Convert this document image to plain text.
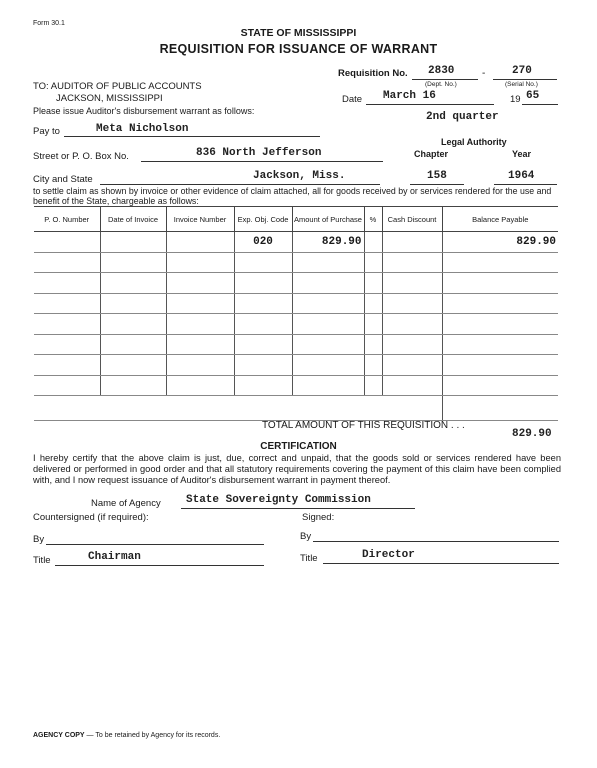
Form 30.1
STATE OF MISSISSIPPI
REQUISITION FOR ISSUANCE OF WARRANT
Requisition No. 2830	- 270
(Dept. No.)	(Serial No.)
TO: AUDITOR OF PUBLIC ACCOUNTS
JACKSON, MISSISSIPPI
Please issue Auditor's disbursement warrant as follows:
Date March 16	19 65
2nd quarter
Pay to	Meta Nicholson
Legal Authority
Chapter	Year
Street or P. O. Box No.	836 North Jefferson
City and State	Jackson, Miss.	158	1964
to settle claim as shown by invoice or other evidence of claim attached, all for goods received by or services rendered for the use and benefit of the State, chargeable as follows:
P. O. Number	Date of Invoice	Invoice Number	Exp. Obj. Code	Amount of Purchase	%	Cash Discount	Balance Payable
			020	829.90			829.90

TOTAL AMOUNT OF THIS REQUISITION . . .
829.90
CERTIFICATION
I hereby certify that the above claim is just, due, correct and unpaid, that the goods sold or services rendered have been delivered or performed in good order and that all statutory requirements covering the payment of this claim have been complied with, and I now request issuance of Auditor's disbursement warrant in payment thereof.
Name of Agency State Sovereignty Commission
Countersigned (if required):	Signed:
By	By
Title	Chairman	Title	Director
AGENCY COPY — To be retained by Agency for its records.
